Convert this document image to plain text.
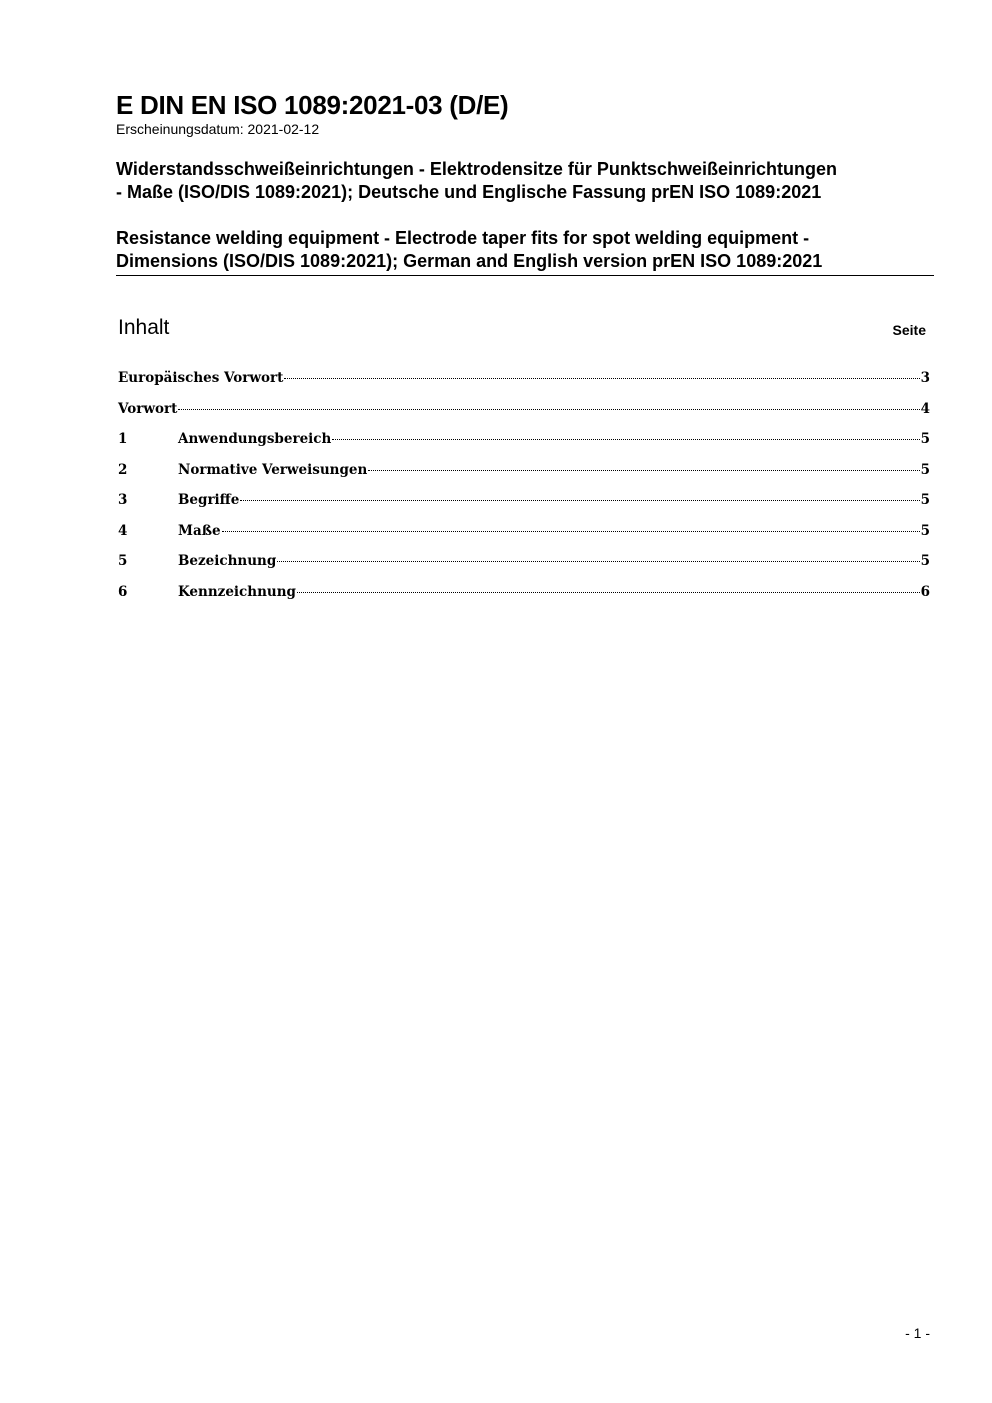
E DIN EN ISO 1089:2021-03 (D/E)

Erscheinungsdatum: 2021-02-12

Widerstandsschweißeinrichtungen - Elektrodensitze für Punktschweißeinrichtungen
- Maße (ISO/DIS 1089:2021); Deutsche und Englische Fassung prEN ISO 1089:2021

Resistance welding equipment - Electrode taper fits for spot welding equipment -
Dimensions (ISO/DIS 1089:2021); German and English version prEN ISO 1089:2021

Inhalt	Seite
Europäisches Vorwort	3
Vorwort	4
1	Anwendungsbereich	5
2	Normative Verweisungen	5
3	Begriffe	5
4	Maße	5
5	Bezeichnung	5
6	Kennzeichnung	6
- 1 -
